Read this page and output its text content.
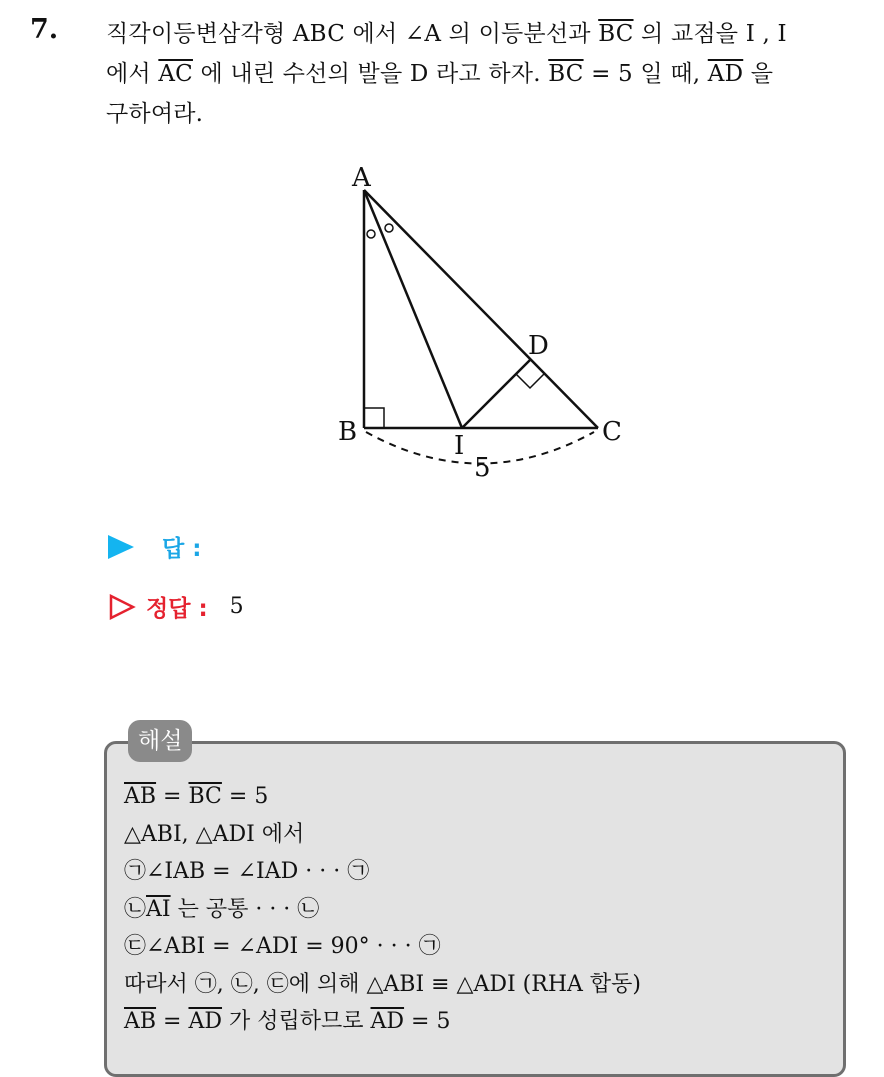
7. 직각이등변삼각형 ABC 에서 ∠A 의 이등분선과 $\overline{BC}$ 의 교점을 I , I
에서 $\overline{AC}$ 에 내린 수선의 발을 D 라고 하자. $\overline{BC} = 5$ 일 때, $\overline{AD}$ 을
구하여라.
A
B	C
D
I
5
답 :
정답 : 5
해설
$\overline{AB} = \overline{BC} = 5$
△ABI, △ADI 에서
㉠∠IAB = ∠IAD · · · ㉠
$㉡\overline{AI}$ 는 공통 · · · ㉡
㉢∠ABI = ∠ADI = 90° · · · ㉠
따라서 ㉠, ㉡, ㉢에 의해 △ABI ≡ △ADI (RHA 합동)
$\overline{AB} = \overline{AD}$ 가 성립하므로 $\overline{AD} = 5$
